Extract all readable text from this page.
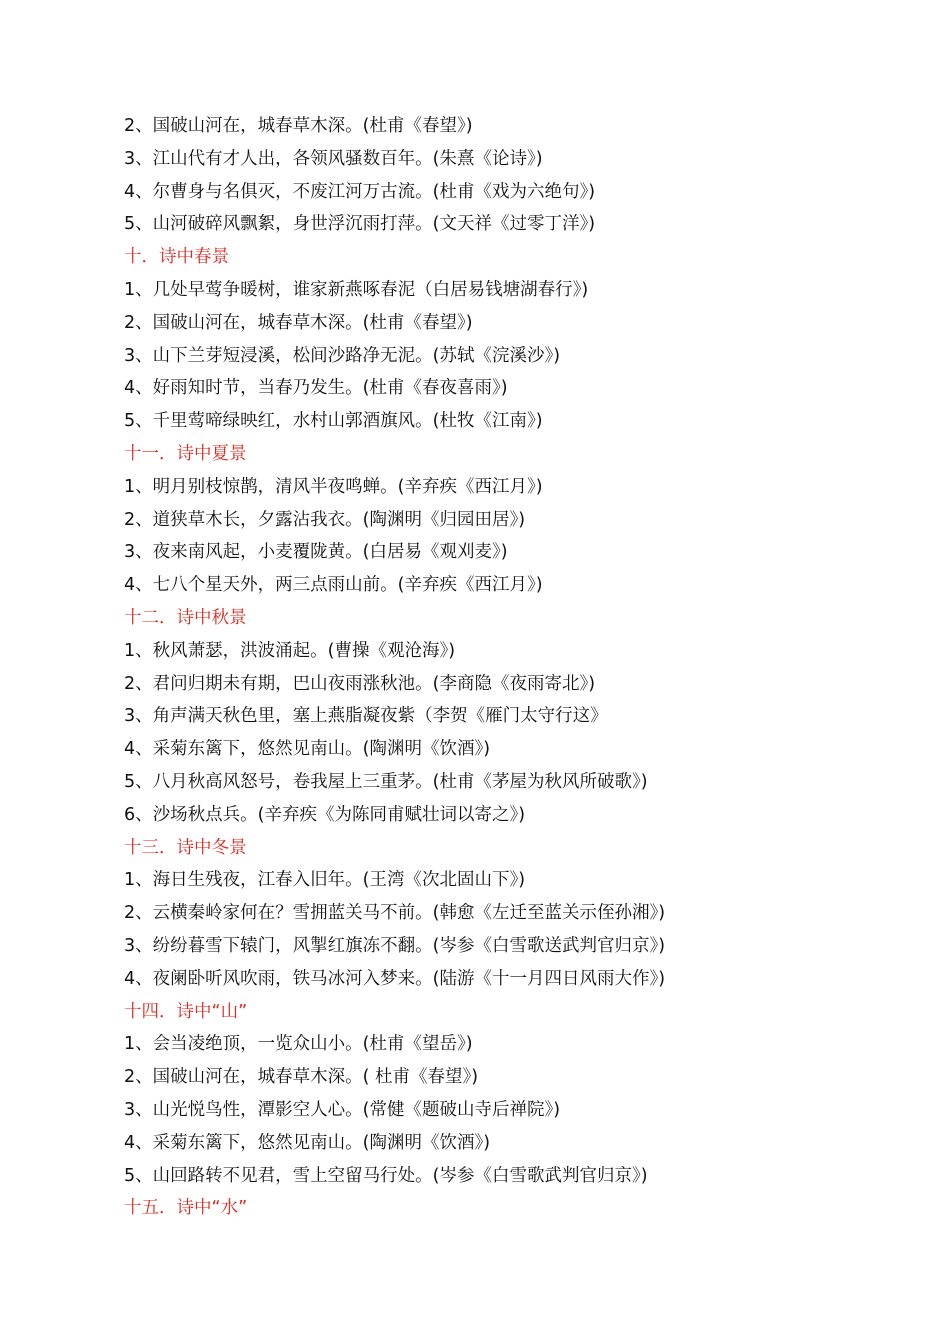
2、国破山河在，城春草木深。(杜甫《春望》)
3、江山代有才人出，各领风骚数百年。(朱熹《论诗》)
4、尔曹身与名俱灭，不废江河万古流。(杜甫《戏为六绝句》)
5、山河破碎风飘絮，身世浮沉雨打萍。(文天祥《过零丁洋》)
十．诗中春景
1、几处早莺争暖树，谁家新燕啄春泥（白居易钱塘湖春行》)
2、国破山河在，城春草木深。(杜甫《春望》)
3、山下兰芽短浸溪，松间沙路净无泥。(苏轼《浣溪沙》)
4、好雨知时节，当春乃发生。(杜甫《春夜喜雨》)
5、千里莺啼绿映红，水村山郭酒旗风。(杜牧《江南》)
十一．诗中夏景
1、明月别枝惊鹊，清风半夜鸣蝉。(辛弃疾《西江月》)
2、道狭草木长，夕露沾我衣。(陶渊明《归园田居》)
3、夜来南风起，小麦覆陇黄。(白居易《观刈麦》)
4、七八个星天外，两三点雨山前。(辛弃疾《西江月》)
十二．诗中秋景
1、秋风萧瑟，洪波涌起。(曹操《观沧海》)
2、君问归期未有期，巴山夜雨涨秋池。(李商隐《夜雨寄北》)
3、角声满天秋色里，塞上燕脂凝夜紫（李贺《雁门太守行这》
4、采菊东篱下，悠然见南山。(陶渊明《饮酒》)
5、八月秋高风怒号，卷我屋上三重茅。(杜甫《茅屋为秋风所破歌》)
6、沙场秋点兵。(辛弃疾《为陈同甫赋壮词以寄之》)
十三．诗中冬景
1、海日生残夜，江春入旧年。(王湾《次北固山下》)
2、云横秦岭家何在？雪拥蓝关马不前。(韩愈《左迁至蓝关示侄孙湘》)
3、纷纷暮雪下辕门，风掣红旗冻不翻。(岑参《白雪歌送武判官归京》)
4、夜阑卧听风吹雨，铁马冰河入梦来。(陆游《十一月四日风雨大作》)
十四．诗中“山”
1、会当凌绝顶，一览众山小。(杜甫《望岳》)
2、国破山河在，城春草木深。( 杜甫《春望》)
3、山光悦鸟性，潭影空人心。(常健《题破山寺后禅院》)
4、采菊东篱下，悠然见南山。(陶渊明《饮酒》)
5、山回路转不见君，雪上空留马行处。(岑参《白雪歌武判官归京》)
十五．诗中“水”
